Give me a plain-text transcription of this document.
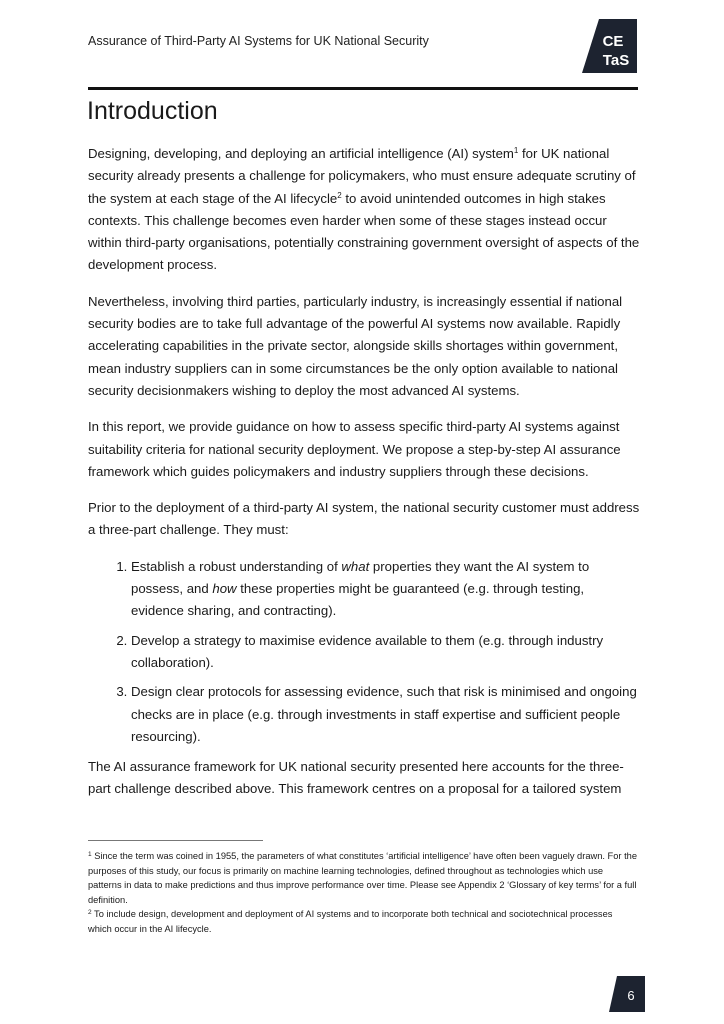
Assurance of Third-Party AI Systems for UK National Security	CE
TaS
Introduction

Designing, developing, and deploying an artificial intelligence (AI) system$^1$ for UK national security already presents a challenge for policymakers, who must ensure adequate scrutiny of the system at each stage of the AI lifecycle$^2$ to avoid unintended outcomes in high stakes contexts. This challenge becomes even harder when some of these stages instead occur within third-party organisations, potentially constraining government oversight of aspects of the development process.

Nevertheless, involving third parties, particularly industry, is increasingly essential if national security bodies are to take full advantage of the powerful AI systems now available. Rapidly accelerating capabilities in the private sector, alongside skills shortages within government, mean industry suppliers can in some circumstances be the only option available to national security decisionmakers wishing to deploy the most advanced AI systems.

In this report, we provide guidance on how to assess specific third-party AI systems against suitability criteria for national security deployment. We propose a step-by-step AI assurance framework which guides policymakers and industry suppliers through these decisions.

Prior to the deployment of a third-party AI system, the national security customer must address a three-part challenge. They must:

1. Establish a robust understanding of what properties they want the AI system to possess, and how these properties might be guaranteed (e.g. through testing, evidence sharing, and contracting).
2. Develop a strategy to maximise evidence available to them (e.g. through industry collaboration).
3. Design clear protocols for assessing evidence, such that risk is minimised and ongoing checks are in place (e.g. through investments in staff expertise and sufficient people resourcing).

The AI assurance framework for UK national security presented here accounts for the three-part challenge described above. This framework centres on a proposal for a tailored system

$^1$ Since the term was coined in 1955, the parameters of what constitutes ‘artificial intelligence’ have often been vaguely drawn. For the purposes of this study, our focus is primarily on machine learning technologies, defined throughout as technologies which use patterns in data to make predictions and thus improve performance over time. Please see Appendix 2 ‘Glossary of key terms’ for a full definition.

$^2$ To include design, development and deployment of AI systems and to incorporate both technical and sociotechnical processes which occur in the AI lifecycle.

6
